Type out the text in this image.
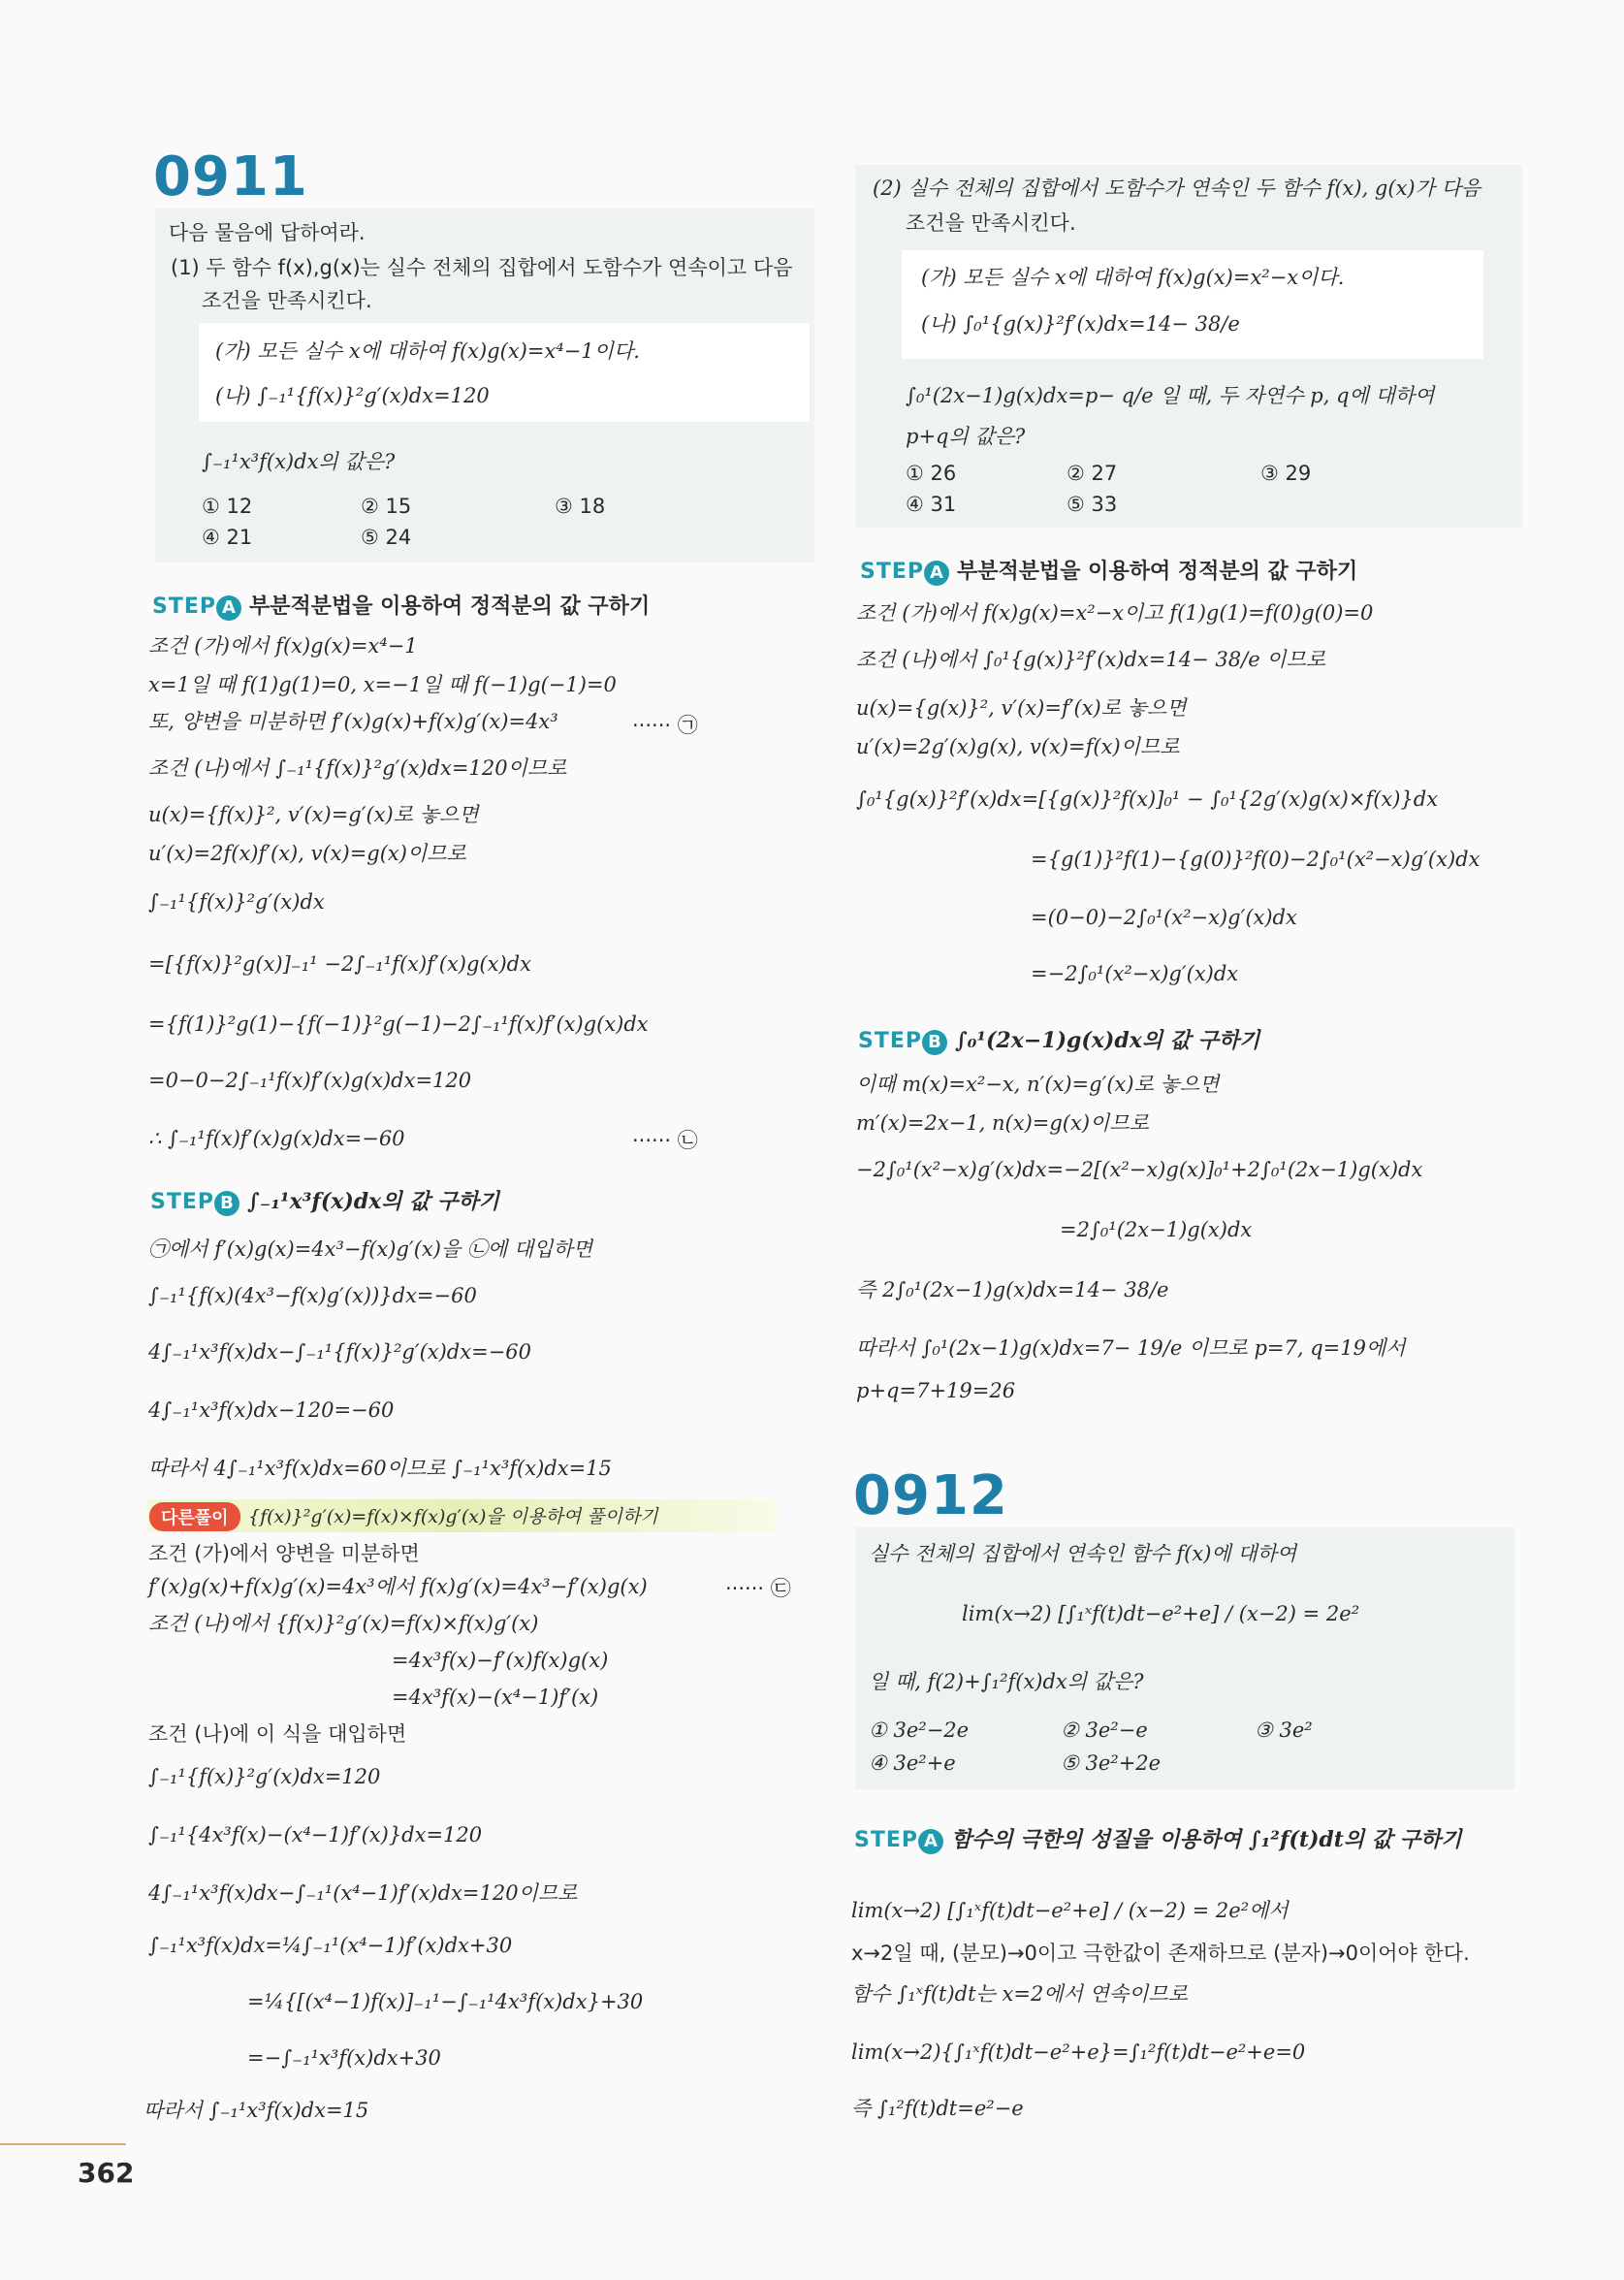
0911
다음 물음에 답하여라.
(1) 두 함수 f(x),g(x)는 실수 전체의 집합에서 도함수가 연속이고 다음
조건을 만족시킨다.
(가) 모든 실수 x에 대하여 f(x)g(x)=x⁴−1이다.
(나) ∫₋₁¹{f(x)}²g′(x)dx=120
∫₋₁¹x³f(x)dx의 값은?
① 12	② 15	③ 18
④ 21	⑤ 24
STEP A 부분적분법을 이용하여 정적분의 값 구하기
조건 (가)에서 f(x)g(x)=x⁴−1
x=1일 때 f(1)g(1)=0, x=−1일 때 f(−1)g(−1)=0
또, 양변을 미분하면 f′(x)g(x)+f(x)g′(x)=4x³	······ ㉠
조건 (나)에서 ∫₋₁¹{f(x)}²g′(x)dx=120이므로
u(x)={f(x)}², v′(x)=g′(x)로 놓으면
u′(x)=2f(x)f′(x), v(x)=g(x)이므로
∫₋₁¹{f(x)}²g′(x)dx
=[{f(x)}²g(x)]₋₁¹ −2∫₋₁¹f(x)f′(x)g(x)dx
={f(1)}²g(1)−{f(−1)}²g(−1)−2∫₋₁¹f(x)f′(x)g(x)dx
=0−0−2∫₋₁¹f(x)f′(x)g(x)dx=120
∴ ∫₋₁¹f(x)f′(x)g(x)dx=−60	······ ㉡
STEP B ∫₋₁¹x³f(x)dx의 값 구하기
㉠에서 f′(x)g(x)=4x³−f(x)g′(x)을 ㉡에 대입하면
∫₋₁¹{f(x)(4x³−f(x)g′(x))}dx=−60
4∫₋₁¹x³f(x)dx−∫₋₁¹{f(x)}²g′(x)dx=−60
4∫₋₁¹x³f(x)dx−120=−60
따라서 4∫₋₁¹x³f(x)dx=60이므로 ∫₋₁¹x³f(x)dx=15
다른풀이	{f(x)}²g′(x)=f(x)×f(x)g′(x)을 이용하여 풀이하기
조건 (가)에서 양변을 미분하면
f′(x)g(x)+f(x)g′(x)=4x³에서 f(x)g′(x)=4x³−f′(x)g(x)	······ ㉢
조건 (나)에서 {f(x)}²g′(x)=f(x)×f(x)g′(x)
=4x³f(x)−f′(x)f(x)g(x)
=4x³f(x)−(x⁴−1)f′(x)
조건 (나)에 이 식을 대입하면
∫₋₁¹{f(x)}²g′(x)dx=120
∫₋₁¹{4x³f(x)−(x⁴−1)f′(x)}dx=120
4∫₋₁¹x³f(x)dx−∫₋₁¹(x⁴−1)f′(x)dx=120이므로
∫₋₁¹x³f(x)dx=¼∫₋₁¹(x⁴−1)f′(x)dx+30
=¼{[(x⁴−1)f(x)]₋₁¹−∫₋₁¹4x³f(x)dx}+30
=−∫₋₁¹x³f(x)dx+30
따라서 ∫₋₁¹x³f(x)dx=15
362
(2) 실수 전체의 집합에서 도함수가 연속인 두 함수 f(x), g(x)가 다음
조건을 만족시킨다.
(가) 모든 실수 x에 대하여 f(x)g(x)=x²−x이다.
(나) ∫₀¹{g(x)}²f′(x)dx=14− 38/e
∫₀¹(2x−1)g(x)dx=p− q/e 일 때, 두 자연수 p, q에 대하여
p+q의 값은?
① 26	② 27	③ 29
④ 31	⑤ 33
STEP A 부분적분법을 이용하여 정적분의 값 구하기
조건 (가)에서 f(x)g(x)=x²−x이고 f(1)g(1)=f(0)g(0)=0
조건 (나)에서 ∫₀¹{g(x)}²f′(x)dx=14− 38/e 이므로
u(x)={g(x)}², v′(x)=f′(x)로 놓으면
u′(x)=2g′(x)g(x), v(x)=f(x)이므로
∫₀¹{g(x)}²f′(x)dx=[{g(x)}²f(x)]₀¹ − ∫₀¹{2g′(x)g(x)×f(x)}dx
={g(1)}²f(1)−{g(0)}²f(0)−2∫₀¹(x²−x)g′(x)dx
=(0−0)−2∫₀¹(x²−x)g′(x)dx
=−2∫₀¹(x²−x)g′(x)dx
STEP B ∫₀¹(2x−1)g(x)dx의 값 구하기
이때 m(x)=x²−x, n′(x)=g′(x)로 놓으면
m′(x)=2x−1, n(x)=g(x)이므로
−2∫₀¹(x²−x)g′(x)dx=−2[(x²−x)g(x)]₀¹+2∫₀¹(2x−1)g(x)dx
=2∫₀¹(2x−1)g(x)dx
즉 2∫₀¹(2x−1)g(x)dx=14− 38/e
따라서 ∫₀¹(2x−1)g(x)dx=7− 19/e 이므로 p=7, q=19에서
p+q=7+19=26
0912
실수 전체의 집합에서 연속인 함수 f(x)에 대하여
lim(x→2) [∫₁ˣf(t)dt−e²+e] / (x−2) = 2e²
일 때, f(2)+∫₁²f(x)dx의 값은?
① 3e²−2e	② 3e²−e	③ 3e²
④ 3e²+e	⑤ 3e²+2e
STEP A 함수의 극한의 성질을 이용하여 ∫₁²f(t)dt의 값 구하기
lim(x→2) [∫₁ˣf(t)dt−e²+e] / (x−2) = 2e²에서
x→2일 때, (분모)→0이고 극한값이 존재하므로 (분자)→0이어야 한다.
함수 ∫₁ˣf(t)dt는 x=2에서 연속이므로
lim(x→2){∫₁ˣf(t)dt−e²+e}=∫₁²f(t)dt−e²+e=0
즉 ∫₁²f(t)dt=e²−e
